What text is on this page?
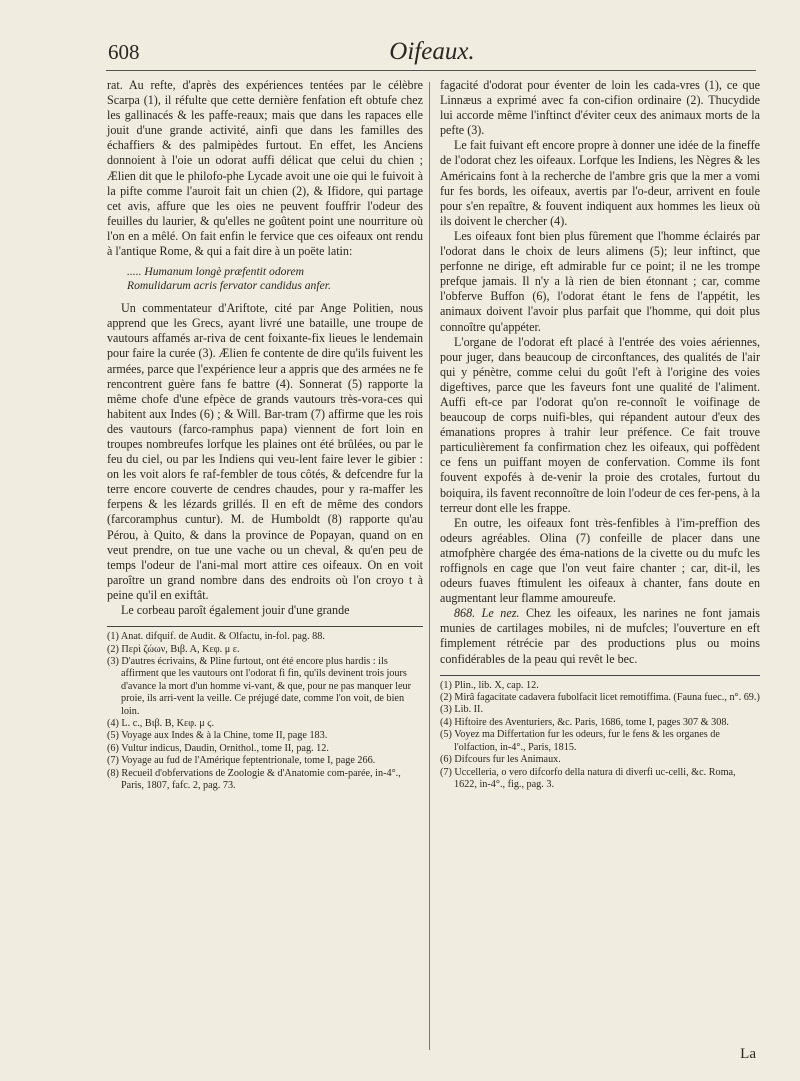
608	Oifeaux.

rat. Au refte, d'après des expériences tentées par le célèbre Scarpa (1), il réfulte que cette dernière fenfation eft obtufe chez les gallinacés & les paffe-reaux; mais que dans les rapaces elle jouit d'une grande activité, ainfi que dans les familles des échaffiers & des palmipèdes furtout. En effet, les Anciens donnoient à l'oie un odorat auffi délicat que celui du chien ; Ælien dit que le philofo-phe Lycade avoit une oie qui le fuivoit à la pifte comme l'auroit fait un chien (2), & Ifidore, qui partage cet avis, affure que les oies ne peuvent fouffrir l'odeur des feuilles du laurier, & qu'elles ne goûtent point une nourriture où l'on en a mêlé. On fait enfin le fervice que ces oifeaux ont rendu à l'antique Rome, & qui a fait dire à un poëte latin:

..... Humanum longè præfentit odorem
Romulidarum acris fervator candidus anfer.

Un commentateur d'Ariftote, cité par Ange Politien, nous apprend que les Grecs, ayant livré une bataille, une troupe de vautours affamés ar-riva de cent foixante-fix lieues le lendemain pour faire la curée (3). Ælien fe contente de dire qu'ils fuivent les armées, parce que l'expérience leur a appris que des armées ne fe rencontrent guère fans fe battre (4). Sonnerat (5) rapporte la même chofe d'une efpèce de grands vautours très-vora-ces qui habitent aux Indes (6) ; & Will. Bar-tram (7) affirme que les rois des vautours (farco-ramphus papa) viennent de fort loin en troupes nombreufes lorfque les plaines ont été brûlées, ou par le feu du ciel, ou par les Indiens qui veu-lent faire lever le gibier : on les voit alors fe raf-fembler de tous côtés, & defcendre fur la terre encore couverte de cendres chaudes, pour y ra-maffer les ferpens & les lézards grillés. Il en eft de même des condors (farcoramphus cuntur). M. de Humboldt (8) rapporte qu'au Pérou, à Quito, & dans la province de Popayan, quand on en veut prendre, on tue une vache ou un cheval, & qu'en peu de temps l'odeur de l'ani-mal mort attire ces oifeaux. On en voit paroître un grand nombre dans des endroits où l'on croyo t à peine qu'il en exiftât.

Le corbeau paroît également jouir d'une grande

(1) Anat. difquif. de Audit. & Olfactu, in-fol. pag. 88.

(2) Περὶ ζώων, Βιβ. Α, Κεφ. μ ε.

(3) D'autres écrivains, & Pline furtout, ont été encore plus hardis : ils affirment que les vautours ont l'odorat fi fin, qu'ils devinent trois jours d'avance la mort d'un homme vi-vant, & que, pour ne pas manquer leur proie, ils arri-vent la veille. Ce préjugé date, comme l'on voit, de bien loin.

(4) L. c., Βιβ. Β, Κεφ. μ ϛ.

(5) Voyage aux Indes & à la Chine, tome II, page 183.

(6) Vultur indicus, Daudin, Ornithol., tome II, pag. 12.

(7) Voyage au fud de l'Amérique feptentrionale, tome I, page 266.

(8) Recueil d'obfervations de Zoologie & d'Anatomie com-parée, in-4°., Paris, 1807, fafc. 2, pag. 73.

fagacité d'odorat pour éventer de loin les cada-vres (1), ce que Linnæus a exprimé avec fa con-cifion ordinaire (2). Thucydide lui accorde même l'inftinct d'éviter ceux des animaux morts de la pefte (3).

Le fait fuivant eft encore propre à donner une idée de la fineffe de l'odorat chez les oifeaux. Lorfque les Indiens, les Nègres & les Américains font à la recherche de l'ambre gris que la mer a vomi fur fes bords, les oifeaux, avertis par l'o-deur, arrivent en foule pour s'en repaître, & fouvent indiquent aux hommes les lieux où ils doivent le chercher (4).

Les oifeaux font bien plus fûrement que l'homme éclairés par l'odorat dans le choix de leurs alimens (5); leur inftinct, que perfonne ne dirige, eft admirable fur ce point; il ne les trompe prefque jamais. Il n'y a là rien de bien étonnant ; car, comme l'obferve Buffon (6), l'odorat étant le fens de l'appétit, les animaux doivent l'avoir plus parfait que l'homme, qui doit plus connoître qu'appéter.

L'organe de l'odorat eft placé à l'entrée des voies aériennes, pour juger, dans beaucoup de circonftances, des qualités de l'air qui y pénètre, comme celui du goût l'eft à l'origine des voies digeftives, parce que les faveurs font une qualité de l'aliment. Auffi eft-ce par l'odorat qu'on re-connoît le voifinage de beaucoup de corps nuifi-bles, qui répandent autour d'eux des émanations propres à trahir leur préfence. Ce fait trouve particulièrement fa confirmation chez les oifeaux, qui poffèdent ce fens un puiffant moyen de confervation. Comme ils font fouvent expofés à de-venir la proie des crotales, furtout du boiquira, ils favent reconnoître de loin l'odeur de ces fer-pens, à la terreur dont elle les frappe.

En outre, les oifeaux font très-fenfibles à l'im-preffion des odeurs agréables. Olina (7) confeille de placer dans une atmofphère chargée des éma-nations de la civette ou du mufc les roffignols en cage que l'on veut faire chanter ; car, dit-il, les odeurs fuaves ftimulent les oifeaux à chanter, fans doute en augmentant leur flamme amoureufe.

868. Le nez. Chez les oifeaux, les narines ne font jamais munies de cartilages mobiles, ni de mufcles; l'ouverture en eft fimplement rétrécie par des productions plus ou moins confidérables de la peau qui revêt le bec.

(1) Plin., lib. X, cap. 12.

(2) Mirâ fagacitate cadavera fubolfacit licet remotiffima. (Fauna fuec., n°. 69.)

(3) Lib. II.

(4) Hiftoire des Aventuriers, &c. Paris, 1686, tome I, pages 307 & 308.

(5) Voyez ma Differtation fur les odeurs, fur le fens & les organes de l'olfaction, in-4°., Paris, 1815.

(6) Difcours fur les Animaux.

(7) Uccelleria, o vero difcorfo della natura di diverfi uc-celli, &c. Roma, 1622, in-4°., fig., pag. 3.

La
